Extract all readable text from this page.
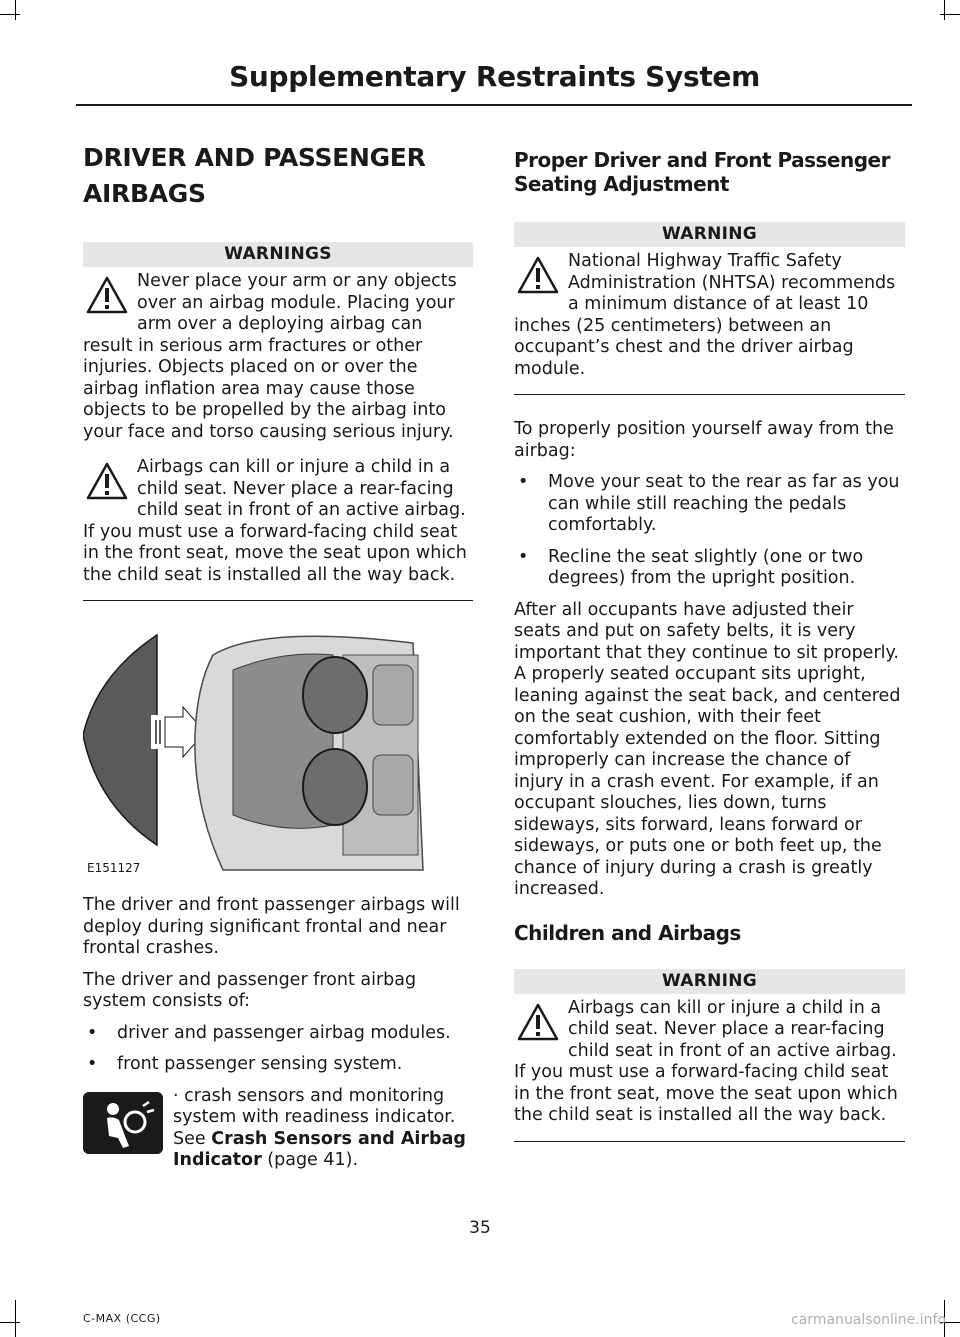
Supplementary Restraints System
DRIVER AND PASSENGER AIRBAGS
WARNINGS
Never place your arm or any objects over an airbag module. Placing your arm over a deploying airbag can result in serious arm fractures or other injuries. Objects placed on or over the airbag inflation area may cause those objects to be propelled by the airbag into your face and torso causing serious injury.
Airbags can kill or injure a child in a child seat. Never place a rear-facing child seat in front of an active airbag. If you must use a forward-facing child seat in the front seat, move the seat upon which the child seat is installed all the way back.
E151127

The driver and front passenger airbags will deploy during significant frontal and near frontal crashes.

The driver and passenger front airbag system consists of:

• driver and passenger airbag modules.
• front passenger sensing system.
· crash sensors and monitoring system with readiness indicator. See Crash Sensors and Airbag Indicator (page 41).
Proper Driver and Front Passenger Seating Adjustment
WARNING
National Highway Traffic Safety Administration (NHTSA) recommends a minimum distance of at least 10 inches (25 centimeters) between an occupant’s chest and the driver airbag module.

To properly position yourself away from the airbag:

• Move your seat to the rear as far as you can while still reaching the pedals comfortably.
• Recline the seat slightly (one or two degrees) from the upright position.

After all occupants have adjusted their seats and put on safety belts, it is very important that they continue to sit properly. A properly seated occupant sits upright, leaning against the seat back, and centered on the seat cushion, with their feet comfortably extended on the floor. Sitting improperly can increase the chance of injury in a crash event. For example, if an occupant slouches, lies down, turns sideways, sits forward, leans forward or sideways, or puts one or both feet up, the chance of injury during a crash is greatly increased.

Children and Airbags
WARNING
Airbags can kill or injure a child in a child seat. Never place a rear-facing child seat in front of an active airbag. If you must use a forward-facing child seat in the front seat, move the seat upon which the child seat is installed all the way back.
35
C-MAX (CCG)	carmanualsonline.info
